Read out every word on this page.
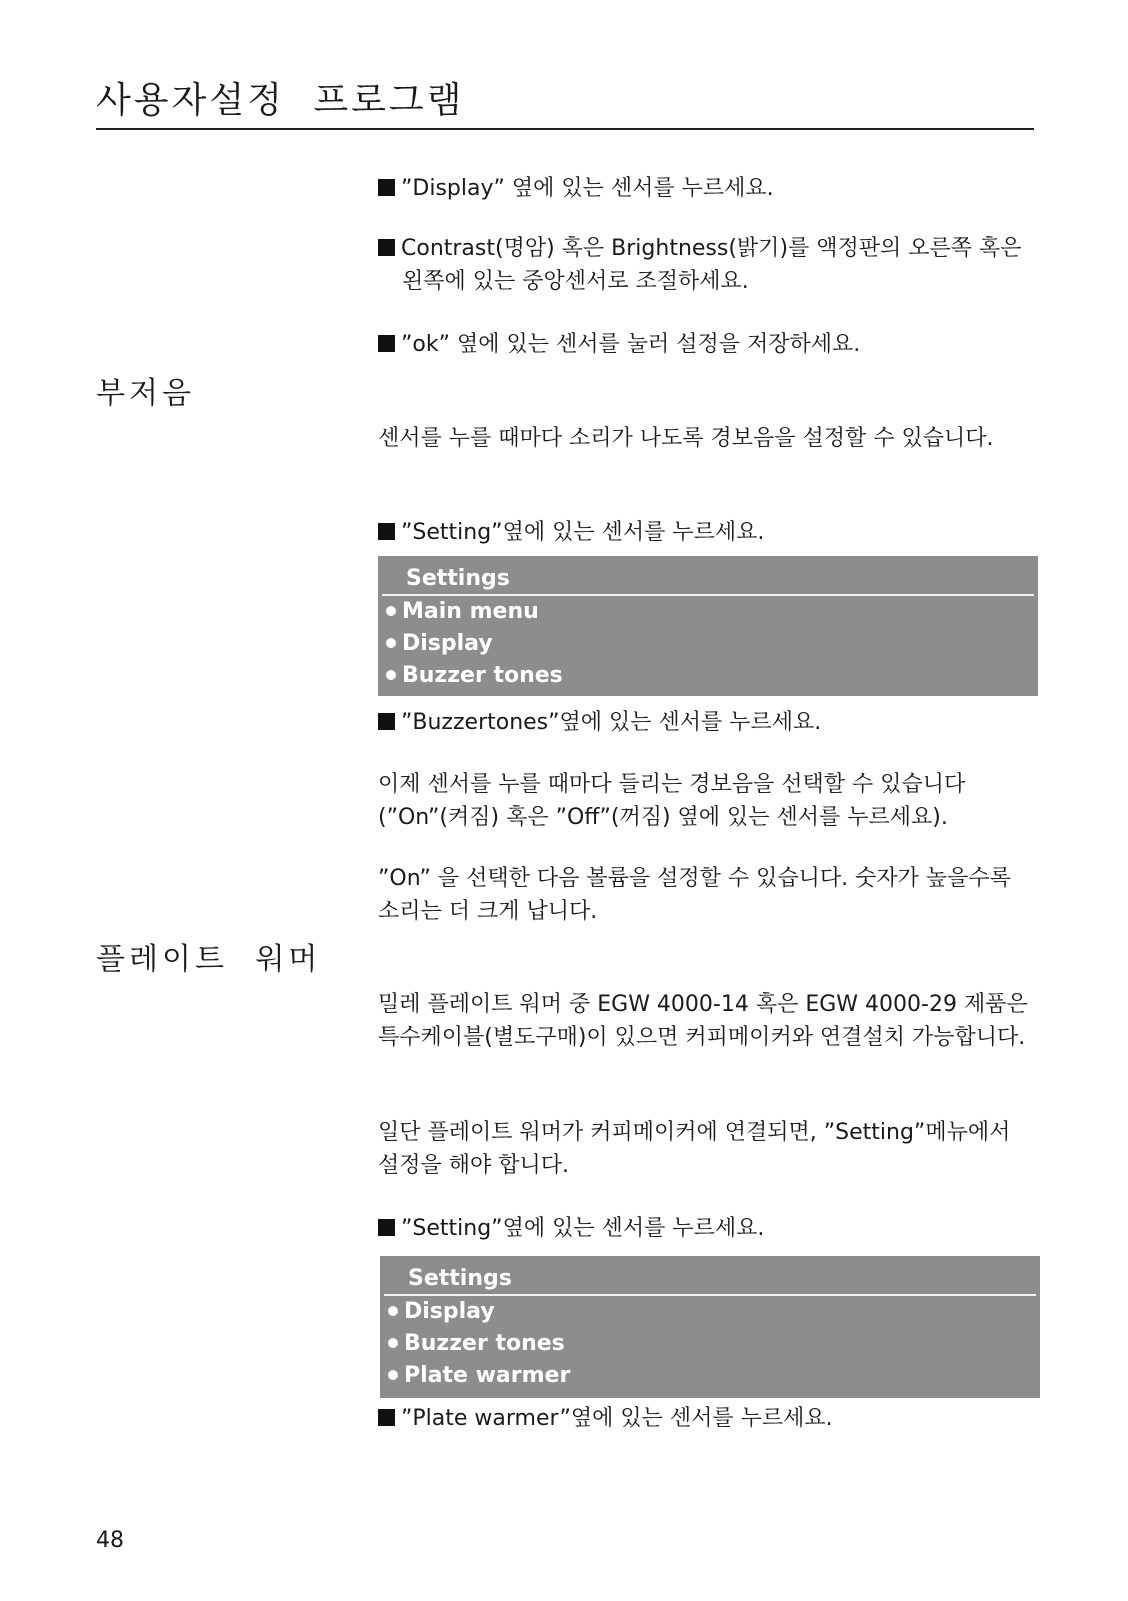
사용자설정 프로그램

”Display” 옆에 있는 센서를 누르세요.

Contrast(명암) 혹은 Brightness(밝기)를 액정판의 오른쪽 혹은 왼쪽에 있는 중앙센서로 조절하세요.

”ok” 옆에 있는 센서를 눌러 설정을 저장하세요.

부저음

센서를 누를 때마다 소리가 나도록 경보음을 설정할 수 있습니다.

”Setting”옆에 있는 센서를 누르세요.

Settings
Main menu
Display
Buzzer tones

”Buzzertones”옆에 있는 센서를 누르세요.

이제 센서를 누를 때마다 들리는 경보음을 선택할 수 있습니다 (”On”(켜짐) 혹은 ”Off”(꺼짐) 옆에 있는 센서를 누르세요).

”On” 을 선택한 다음 볼륨을 설정할 수 있습니다. 숫자가 높을수록 소리는 더 크게 납니다.

플레이트 워머

밀레 플레이트 워머 중 EGW 4000-14 혹은 EGW 4000-29 제품은 특수케이블(별도구매)이 있으면 커피메이커와 연결설치 가능합니다.

일단 플레이트 워머가 커피메이커에 연결되면, ”Setting”메뉴에서 설정을 해야 합니다.

”Setting”옆에 있는 센서를 누르세요.

Settings
Display
Buzzer tones
Plate warmer

”Plate warmer”옆에 있는 센서를 누르세요.

48
